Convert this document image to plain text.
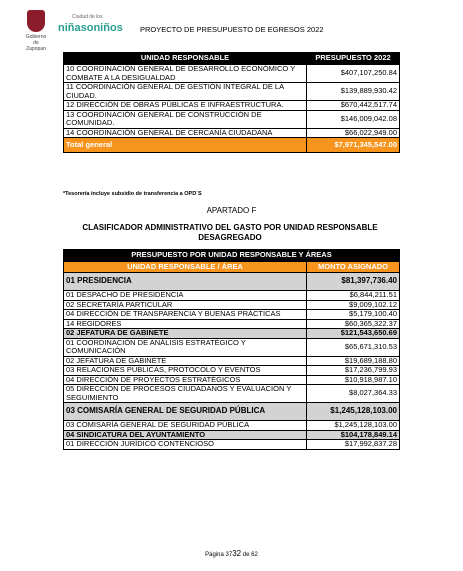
Gobierno de Zapopan
Ciudad de los
niñasoniños PROYECTO DE PRESUPUESTO DE EGRESOS 2022
UNIDAD RESPONSABLE	PRESUPUESTO 2022
10 COORDINACIÓN GENERAL DE DESARROLLO ECONÓMICO Y COMBATE A LA DESIGUALDAD	$407,107,250.84
11 COORDINACIÓN GENERAL DE GESTIÓN INTEGRAL DE LA CIUDAD.	$139,889,930.42
12 DIRECCIÓN DE OBRAS PÚBLICAS E INFRAESTRUCTURA.	$670,442,517.74
13 COORDINACIÓN GENERAL DE CONSTRUCCIÓN DE COMUNIDAD.	$146,009,042.08
14 COORDINACIÓN GENERAL DE CERCANÍA CIUDADANA	$66,022,949.00
Total general	$7,971,345,547.00
*Tesorería incluye subsidio de transferencia a OPD´S
APARTADO F
CLASIFICADOR ADMINISTRATIVO DEL GASTO POR UNIDAD RESPONSABLE DESAGREGADO
PRESUPUESTO POR UNIDAD RESPONSABLE Y ÁREAS	
UNIDAD RESPONSABLE / ÁREA	MONTO ASIGNADO
01 PRESIDENCIA	$81,397,736.40
01 DESPACHO DE PRESIDENCIA	$6,844,211.51
02 SECRETARÍA PARTICULAR	$9,009,102.12
04 DIRECCIÓN DE TRANSPARENCIA Y BUENAS PRÁCTICAS	$5,179,100.40
14 REGIDORES	$60,365,322.37
02 JEFATURA DE GABINETE	$121,543,650.69
01 COORDINACIÓN DE ANÁLISIS ESTRATÉGICO Y COMUNICACIÓN	$65,671,310.53
02 JEFATURA DE GABINETE	$19,689,188.80
03 RELACIONES PÚBLICAS, PROTOCOLO Y EVENTOS	$17,236,799.93
04 DIRECCIÓN DE PROYECTOS ESTRATÉGICOS	$10,918,987.10
05 DIRECCIÓN DE PROCESOS CIUDADANOS Y EVALUACIÓN Y SEGUIMIENTO	$8,027,364.33
03 COMISARÍA GENERAL DE SEGURIDAD PÚBLICA	$1,245,128,103.00
03 COMISARÍA GENERAL DE SEGURIDAD PÚBLICA	$1,245,128,103.00
04 SINDICATURA DEL AYUNTAMIENTO	$104,178,849.14
01 DIRECCIÓN JURÍDICO CONTENCIOSO	$17,992,837.28
Página 3732 de 62
